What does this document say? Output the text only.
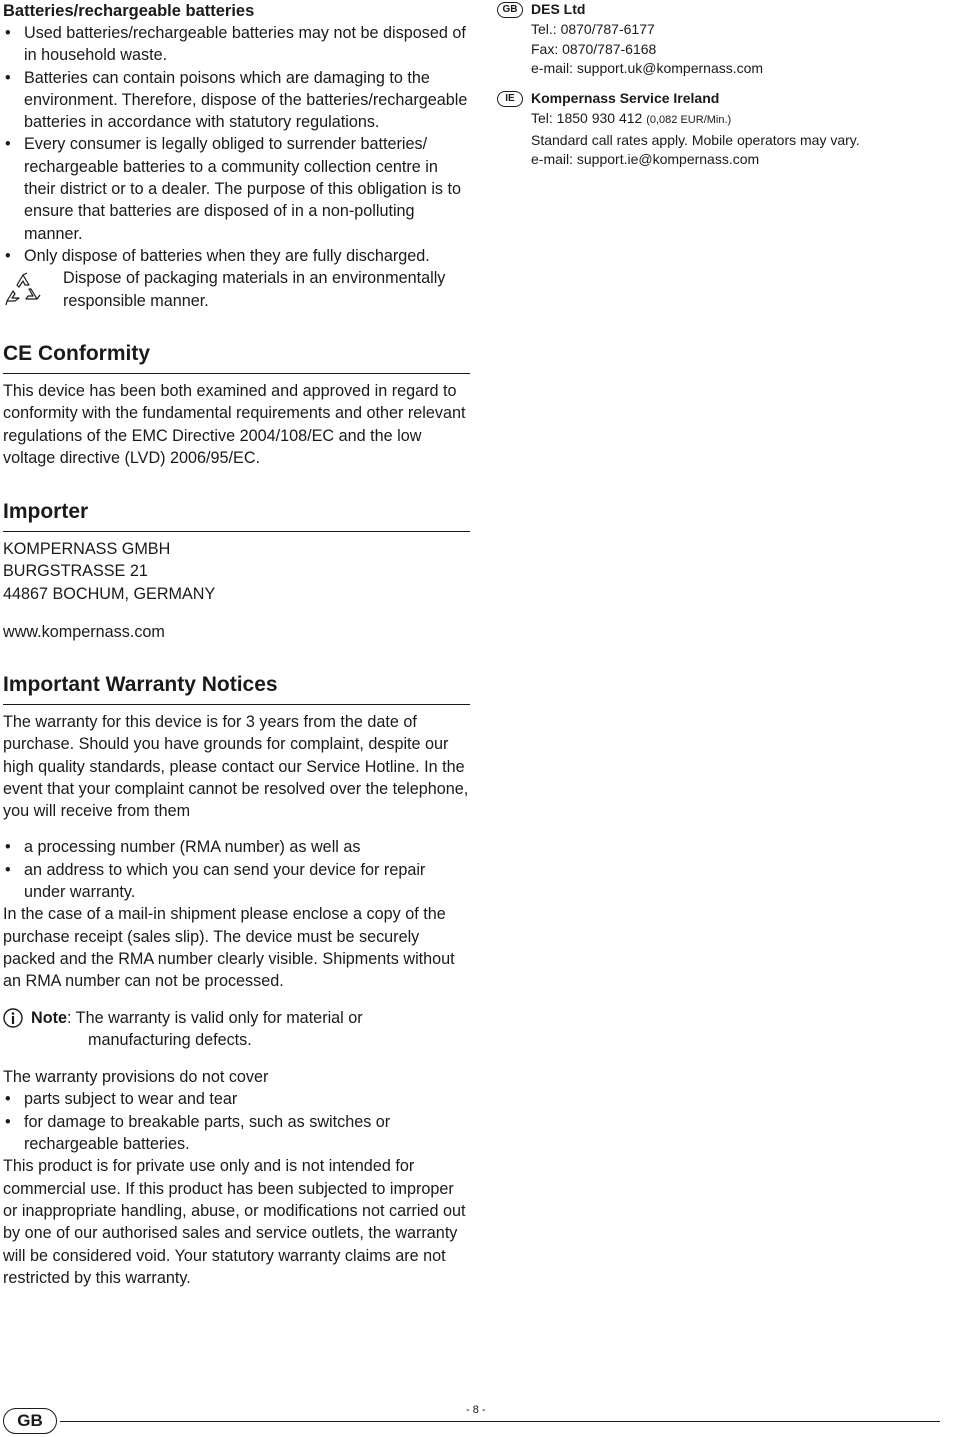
Batteries/rechargeable batteries
• Used batteries/rechargeable batteries may not be disposed of in household waste.
• Batteries can contain poisons which are damaging to the environment. Therefore, dispose of the batteries/rechargeable batteries in accordance with statutory regulations.
• Every consumer is legally obliged to surrender batteries/ rechargeable batteries to a community collection centre in their district or to a dealer. The purpose of this obligation is to ensure that batteries are disposed of in a non-polluting manner.
• Only dispose of batteries when they are fully discharged.
Dispose of packaging materials in an environmentally responsible manner.
CE Conformity

This device has been both examined and approved in regard to conformity with the fundamental requirements and other relevant regulations of the EMC Directive 2004/108/EC and the low voltage directive (LVD) 2006/95/EC.

Importer
KOMPERNASS GMBH
BURGSTRASSE 21
44867 BOCHUM, GERMANY
www.kompernass.com
Important Warranty Notices

The warranty for this device is for 3 years from the date of purchase. Should you have grounds for complaint, despite our high quality standards, please contact our Service Hotline. In the event that your complaint cannot be resolved over the telephone, you will receive from them

• a processing number (RMA number) as well as
• an address to which you can send your device for repair under warranty.

In the case of a mail-in shipment please enclose a copy of the purchase receipt (sales slip). The device must be securely packed and the RMA number clearly visible. Shipments without an RMA number can not be processed.

Note: The warranty is valid only for material or
manufacturing defects.

The warranty provisions do not cover

• parts subject to wear and tear
• for damage to breakable parts, such as switches or rechargeable batteries.

This product is for private use only and is not intended for commercial use. If this product has been subjected to improper or inappropriate handling, abuse, or modifications not carried out by one of our authorised sales and service outlets, the warranty will be considered void. Your statutory warranty claims are not restricted by this warranty.

GB DES Ltd
Tel.: 0870/787-6177
Fax: 0870/787-6168
e-mail: support.uk@kompernass.com
IE	Kompernass Service Ireland
Tel: 1850 930 412 (0,082 EUR/Min.)
Standard call rates apply. Mobile operators may vary.
e-mail: support.ie@kompernass.com
GB
- 8 -
